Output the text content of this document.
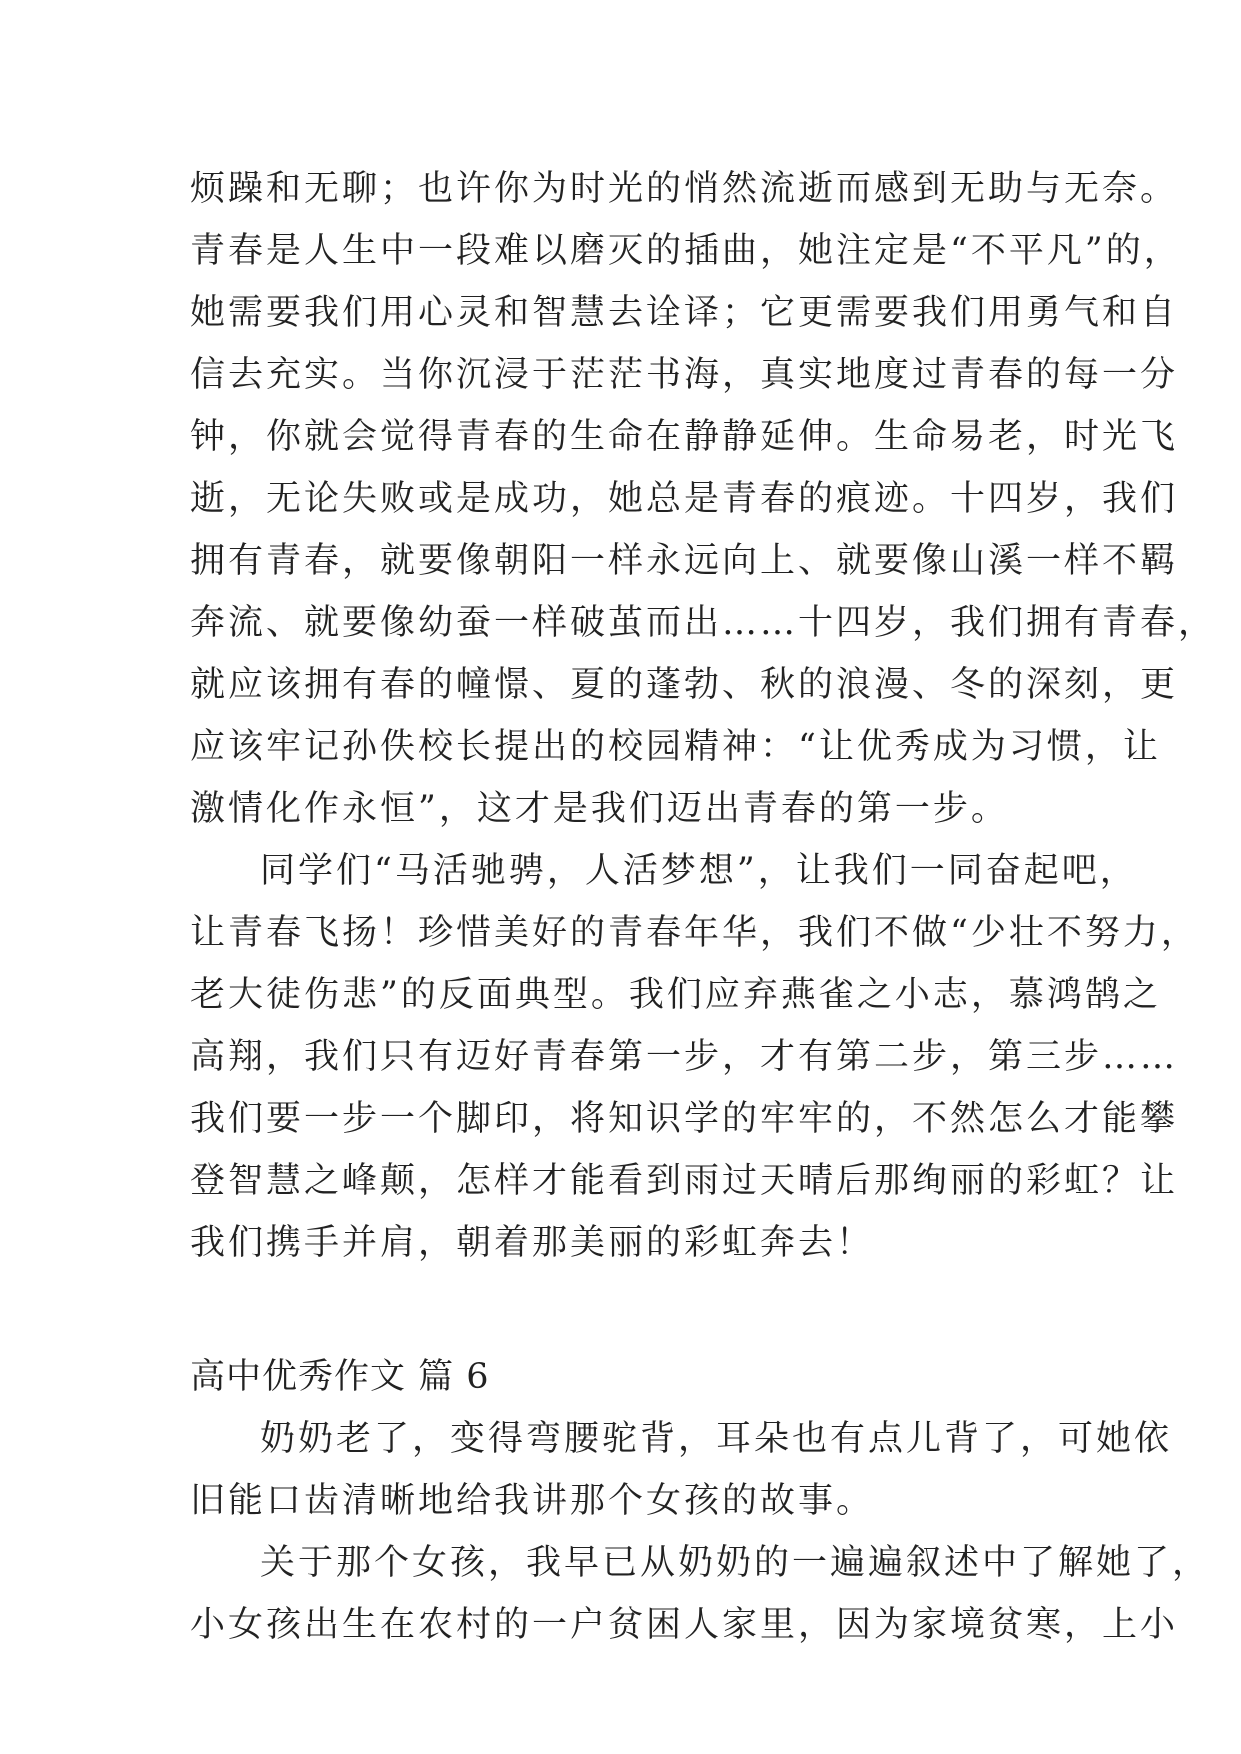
烦躁和无聊；也许你为时光的悄然流逝而感到无助与无奈。
青春是人生中一段难以磨灭的插曲，她注定是“不平凡”的，
她需要我们用心灵和智慧去诠译；它更需要我们用勇气和自
信去充实。当你沉浸于茫茫书海，真实地度过青春的每一分
钟，你就会觉得青春的生命在静静延伸。生命易老，时光飞
逝，无论失败或是成功，她总是青春的痕迹。十四岁，我们
拥有青春，就要像朝阳一样永远向上、就要像山溪一样不羁
奔流、就要像幼蚕一样破茧而出……十四岁，我们拥有青春，
就应该拥有春的幢憬、夏的蓬勃、秋的浪漫、冬的深刻，更
应该牢记孙佚校长提出的校园精神：“让优秀成为习惯，让
激情化作永恒”，这才是我们迈出青春的第一步。
同学们“马活驰骋，人活梦想”，让我们一同奋起吧，
让青春飞扬！珍惜美好的青春年华，我们不做“少壮不努力，
老大徒伤悲”的反面典型。我们应弃燕雀之小志，慕鸿鹄之
高翔，我们只有迈好青春第一步，才有第二步，第三步……
我们要一步一个脚印，将知识学的牢牢的，不然怎么才能攀
登智慧之峰颠，怎样才能看到雨过天晴后那绚丽的彩虹？让
我们携手并肩，朝着那美丽的彩虹奔去！
高中优秀作文 篇 6
奶奶老了，变得弯腰驼背，耳朵也有点儿背了，可她依
旧能口齿清晰地给我讲那个女孩的故事。
关于那个女孩，我早已从奶奶的一遍遍叙述中了解她了，
小女孩出生在农村的一户贫困人家里，因为家境贫寒，上小
